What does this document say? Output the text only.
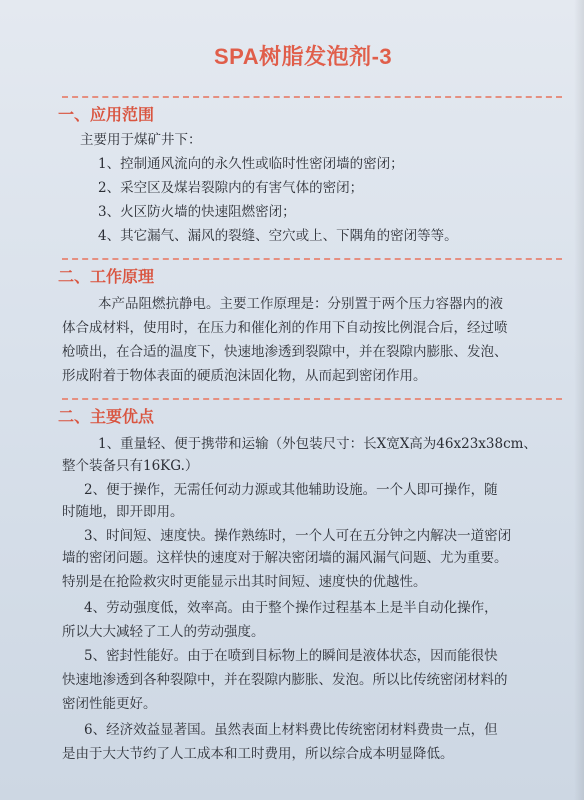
SPA树脂发泡剂-3
一、应用范围
主要用于煤矿井下：
1、控制通风流向的永久性或临时性密闭墙的密闭；
2、采空区及煤岩裂隙内的有害气体的密闭；
3、火区防火墙的快速阻燃密闭；
4、其它漏气、漏风的裂缝、空穴或上、下隅角的密闭等等。
二、工作原理
本产品阻燃抗静电。主要工作原理是：分别置于两个压力容器内的液
体合成材料，使用时，在压力和催化剂的作用下自动按比例混合后，经过喷
枪喷出，在合适的温度下，快速地渗透到裂隙中，并在裂隙内膨胀、发泡、
形成附着于物体表面的硬质泡沫固化物，从而起到密闭作用。
二、主要优点
1、重量轻、便于携带和运输（外包装尺寸：长X宽X高为46x23x38cm、
整个装备只有16KG.）
2、便于操作，无需任何动力源或其他辅助设施。一个人即可操作，随
时随地，即开即用。
3、时间短、速度快。操作熟练时，一个人可在五分钟之内解决一道密闭
墙的密闭问题。这样快的速度对于解决密闭墙的漏风漏气问题、尤为重要。
特别是在抢险救灾时更能显示出其时间短、速度快的优越性。
4、劳动强度低，效率高。由于整个操作过程基本上是半自动化操作，
所以大大减轻了工人的劳动强度。
5、密封性能好。由于在喷到目标物上的瞬间是液体状态，因而能很快
快速地渗透到各种裂隙中，并在裂隙内膨胀、发泡。所以比传统密闭材料的
密闭性能更好。
6、经济效益显著国。虽然表面上材料费比传统密闭材料费贵一点，但
是由于大大节约了人工成本和工时费用，所以综合成本明显降低。
